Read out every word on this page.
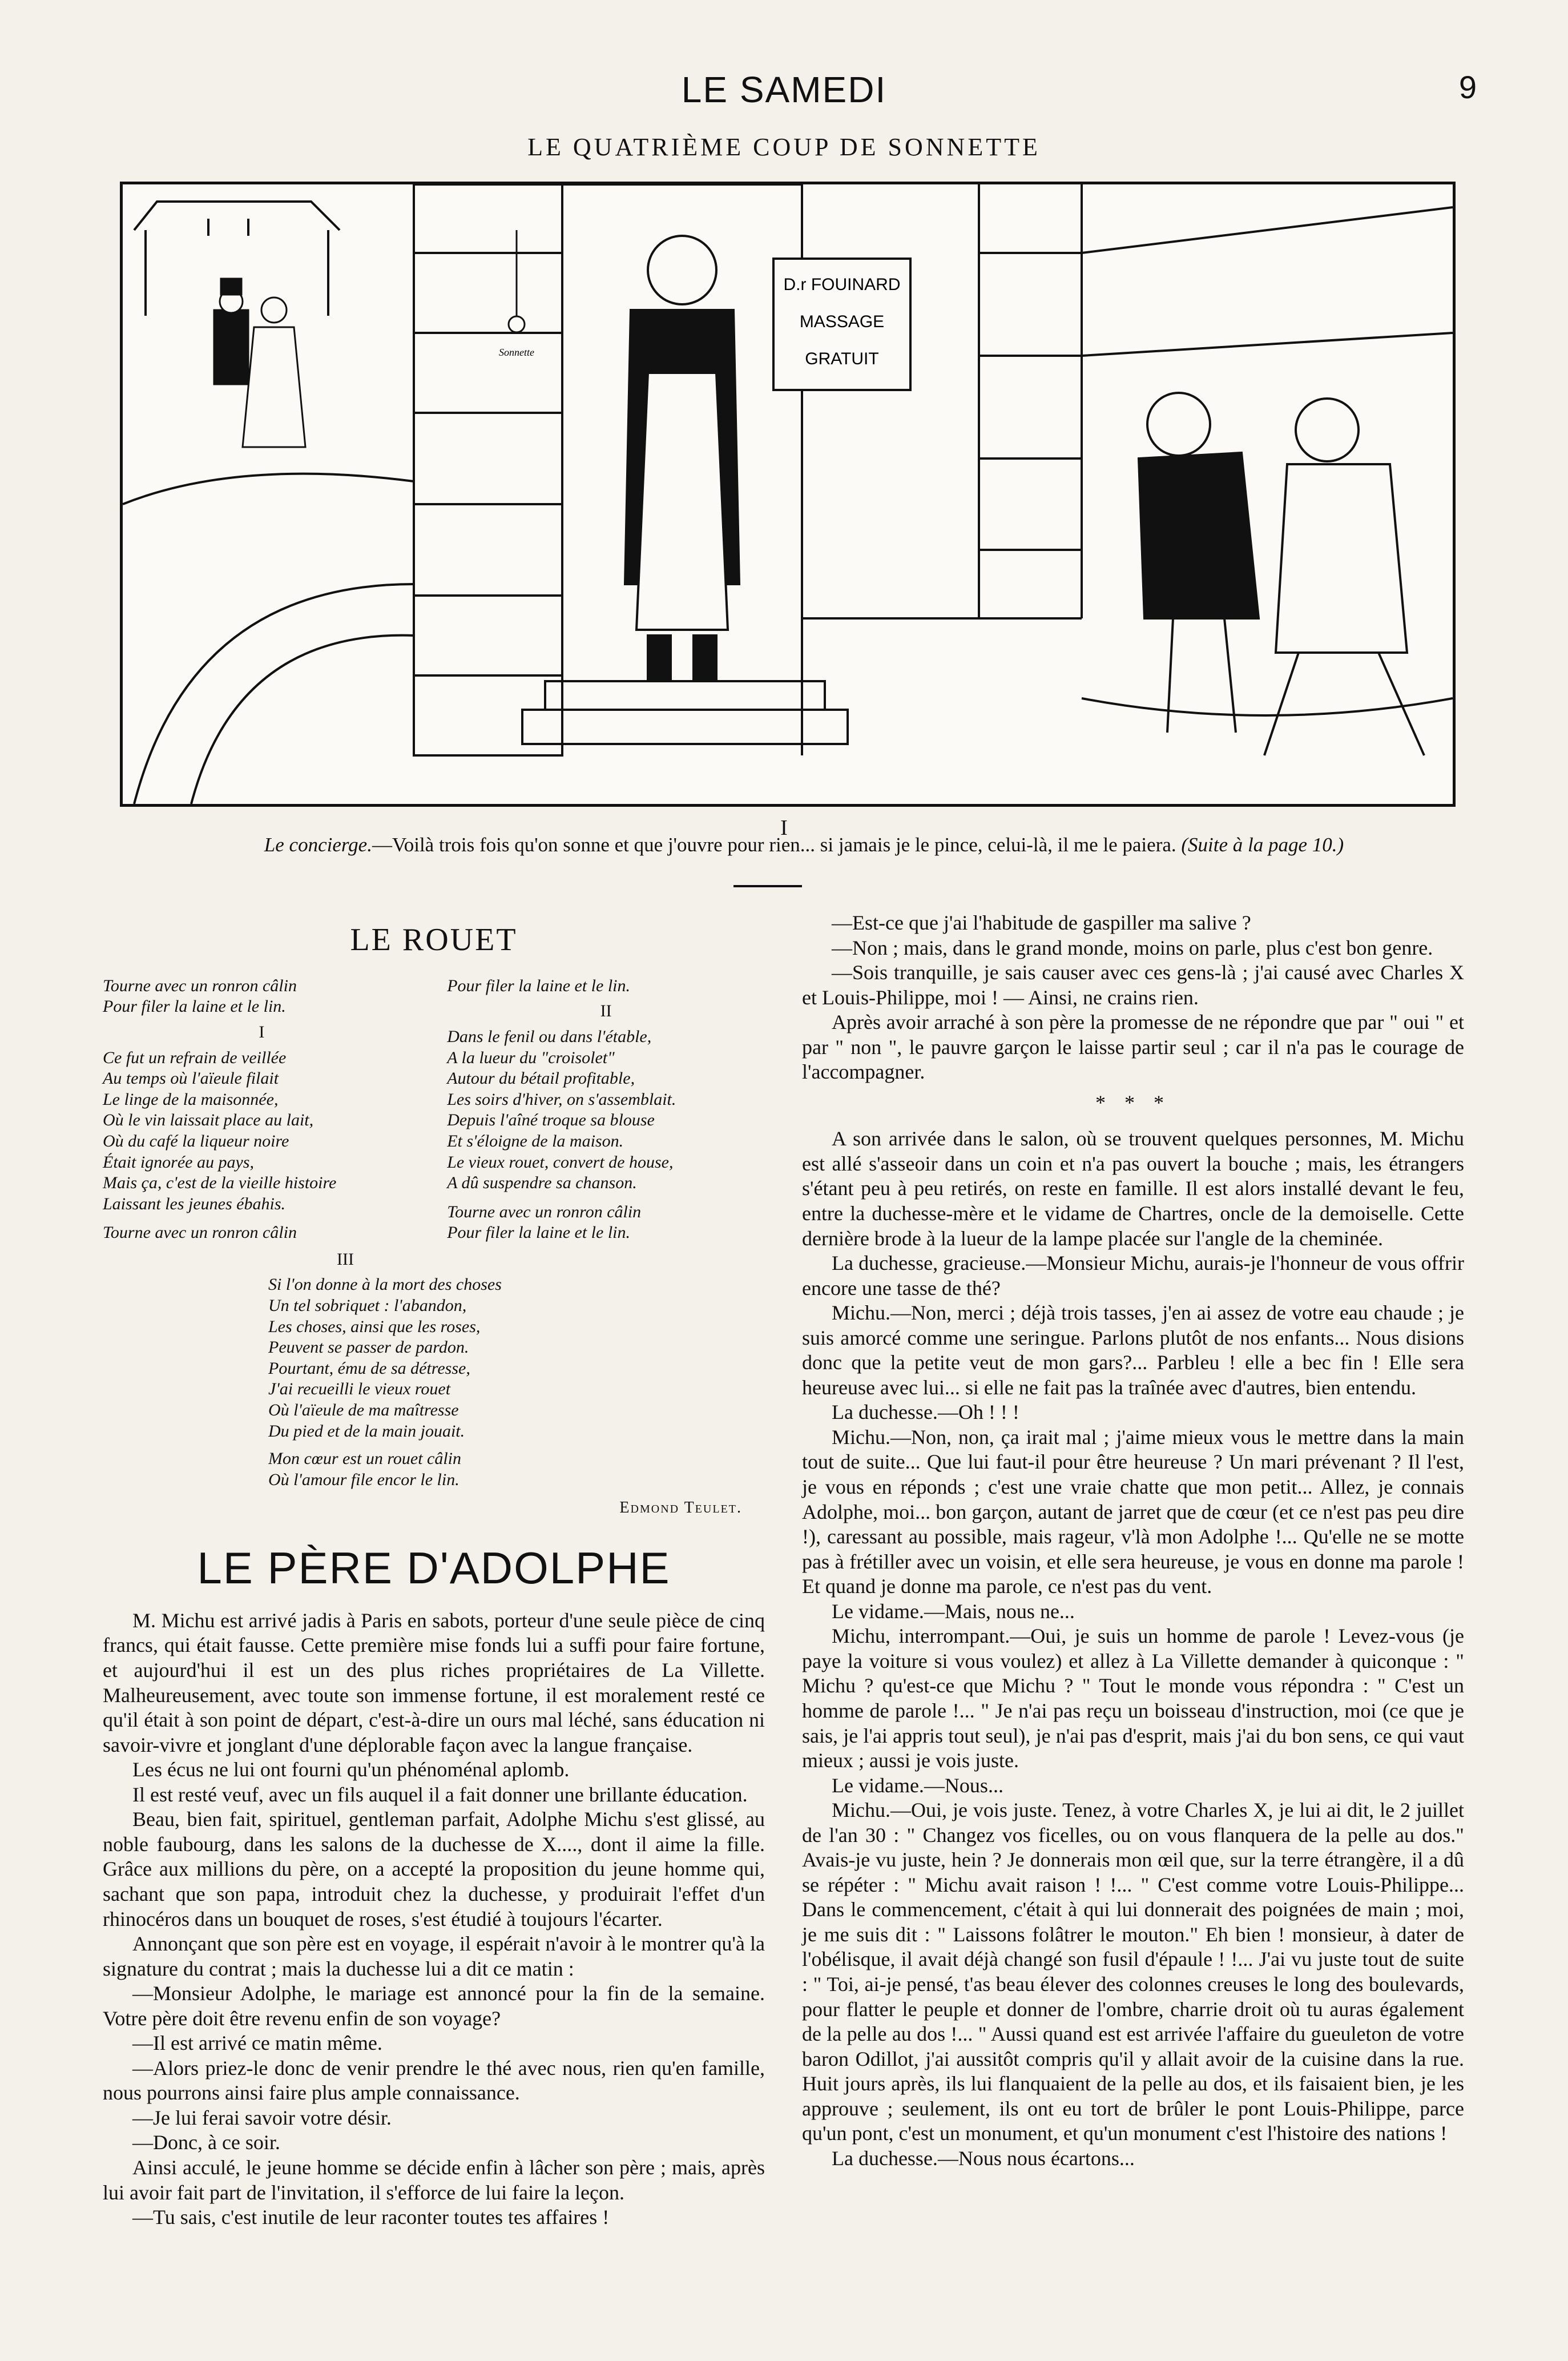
LE SAMEDI	9
LE QUATRIÈME COUP DE SONNETTE
D.r FOUINARD
MASSAGE
GRATUIT
Sonnette
I
Le concierge.—Voilà trois fois qu'on sonne et que j'ouvre pour rien... si jamais je le pince, celui-là, il me le paiera. (Suite à la page 10.)
LE ROUET
Tourne avec un ronron câlin
Pour filer la laine et le lin.
I
Ce fut un refrain de veillée
Au temps où l'aïeule filait
Le linge de la maisonnée,
Où le vin laissait place au lait,
Où du café la liqueur noire
Était ignorée au pays,
Mais ça, c'est de la vieille histoire
Laissant les jeunes ébahis.
Tourne avec un ronron câlin
Pour filer la laine et le lin.
II
Dans le fenil ou dans l'étable,
A la lueur du "croisolet"
Autour du bétail profitable,
Les soirs d'hiver, on s'assemblait.
Depuis l'aîné troque sa blouse
Et s'éloigne de la maison.
Le vieux rouet, convert de house,
A dû suspendre sa chanson.
Tourne avec un ronron câlin
Pour filer la laine et le lin.
III
Si l'on donne à la mort des choses
Un tel sobriquet : l'abandon,
Les choses, ainsi que les roses,
Peuvent se passer de pardon.
Pourtant, ému de sa détresse,
J'ai recueilli le vieux rouet
Où l'aïeule de ma maîtresse
Du pied et de la main jouait.
Mon cœur est un rouet câlin
Où l'amour file encor le lin.
Edmond Teulet.
LE PÈRE D'ADOLPHE

M. Michu est arrivé jadis à Paris en sabots, porteur d'une seule pièce de cinq francs, qui était fausse. Cette première mise fonds lui a suffi pour faire fortune, et aujourd'hui il est un des plus riches propriétaires de La Villette. Malheureusement, avec toute son immense fortune, il est moralement resté ce qu'il était à son point de départ, c'est-à-dire un ours mal léché, sans éducation ni savoir-vivre et jonglant d'une déplorable façon avec la langue française.

Les écus ne lui ont fourni qu'un phénoménal aplomb.

Il est resté veuf, avec un fils auquel il a fait donner une brillante éducation.

Beau, bien fait, spirituel, gentleman parfait, Adolphe Michu s'est glissé, au noble faubourg, dans les salons de la duchesse de X...., dont il aime la fille. Grâce aux millions du père, on a accepté la proposition du jeune homme qui, sachant que son papa, introduit chez la duchesse, y produirait l'effet d'un rhinocéros dans un bouquet de roses, s'est étudié à toujours l'écarter.

Annonçant que son père est en voyage, il espérait n'avoir à le montrer qu'à la signature du contrat ; mais la duchesse lui a dit ce matin :

—Monsieur Adolphe, le mariage est annoncé pour la fin de la semaine. Votre père doit être revenu enfin de son voyage?

—Il est arrivé ce matin même.

—Alors priez-le donc de venir prendre le thé avec nous, rien qu'en famille, nous pourrons ainsi faire plus ample connaissance.

—Je lui ferai savoir votre désir.

—Donc, à ce soir.

Ainsi acculé, le jeune homme se décide enfin à lâcher son père ; mais, après lui avoir fait part de l'invitation, il s'efforce de lui faire la leçon.

—Tu sais, c'est inutile de leur raconter toutes tes affaires !

—Est-ce que j'ai l'habitude de gaspiller ma salive ?

—Non ; mais, dans le grand monde, moins on parle, plus c'est bon genre.

—Sois tranquille, je sais causer avec ces gens-là ; j'ai causé avec Charles X et Louis-Philippe, moi ! — Ainsi, ne crains rien.

Après avoir arraché à son père la promesse de ne répondre que par " oui " et par " non ", le pauvre garçon le laisse partir seul ; car il n'a pas le courage de l'accompagner.

* * *

A son arrivée dans le salon, où se trouvent quelques personnes, M. Michu est allé s'asseoir dans un coin et n'a pas ouvert la bouche ; mais, les étrangers s'étant peu à peu retirés, on reste en famille. Il est alors installé devant le feu, entre la duchesse-mère et le vidame de Chartres, oncle de la demoiselle. Cette dernière brode à la lueur de la lampe placée sur l'angle de la cheminée.

La duchesse, gracieuse.—Monsieur Michu, aurais-je l'honneur de vous offrir encore une tasse de thé?

Michu.—Non, merci ; déjà trois tasses, j'en ai assez de votre eau chaude ; je suis amorcé comme une seringue. Parlons plutôt de nos enfants... Nous disions donc que la petite veut de mon gars?... Parbleu ! elle a bec fin ! Elle sera heureuse avec lui... si elle ne fait pas la traînée avec d'autres, bien entendu.

La duchesse.—Oh ! ! !

Michu.—Non, non, ça irait mal ; j'aime mieux vous le mettre dans la main tout de suite... Que lui faut-il pour être heureuse ? Un mari prévenant ? Il l'est, je vous en réponds ; c'est une vraie chatte que mon petit... Allez, je connais Adolphe, moi... bon garçon, autant de jarret que de cœur (et ce n'est pas peu dire !), caressant au possible, mais rageur, v'là mon Adolphe !... Qu'elle ne se motte pas à frétiller avec un voisin, et elle sera heureuse, je vous en donne ma parole ! Et quand je donne ma parole, ce n'est pas du vent.

Le vidame.—Mais, nous ne...

Michu, interrompant.—Oui, je suis un homme de parole ! Levez-vous (je paye la voiture si vous voulez) et allez à La Villette demander à quiconque : " Michu ? qu'est-ce que Michu ? " Tout le monde vous répondra : " C'est un homme de parole !... " Je n'ai pas reçu un boisseau d'instruction, moi (ce que je sais, je l'ai appris tout seul), je n'ai pas d'esprit, mais j'ai du bon sens, ce qui vaut mieux ; aussi je vois juste.

Le vidame.—Nous...

Michu.—Oui, je vois juste. Tenez, à votre Charles X, je lui ai dit, le 2 juillet de l'an 30 : " Changez vos ficelles, ou on vous flanquera de la pelle au dos." Avais-je vu juste, hein ? Je donnerais mon œil que, sur la terre étrangère, il a dû se répéter : " Michu avait raison ! !... " C'est comme votre Louis-Philippe... Dans le commencement, c'était à qui lui donnerait des poignées de main ; moi, je me suis dit : " Laissons folâtrer le mouton." Eh bien ! monsieur, à dater de l'obélisque, il avait déjà changé son fusil d'épaule ! !... J'ai vu juste tout de suite : " Toi, ai-je pensé, t'as beau élever des colonnes creuses le long des boulevards, pour flatter le peuple et donner de l'ombre, charrie droit où tu auras également de la pelle au dos !... " Aussi quand est est arrivée l'affaire du gueuleton de votre baron Odillot, j'ai aussitôt compris qu'il y allait avoir de la cuisine dans la rue. Huit jours après, ils lui flanquaient de la pelle au dos, et ils faisaient bien, je les approuve ; seulement, ils ont eu tort de brûler le pont Louis-Philippe, parce qu'un pont, c'est un monument, et qu'un monument c'est l'histoire des nations !

La duchesse.—Nous nous écartons...
